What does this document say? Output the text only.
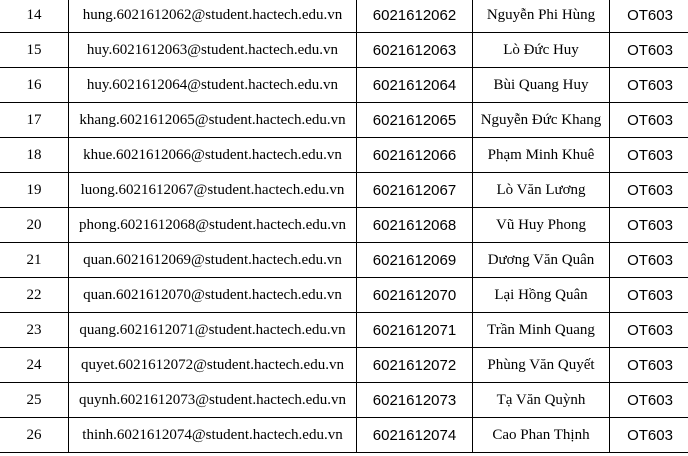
14	hung.6021612062@student.hactech.edu.vn	6021612062	Nguyễn Phi Hùng	OT603
15	huy.6021612063@student.hactech.edu.vn	6021612063	Lò Đức Huy	OT603
16	huy.6021612064@student.hactech.edu.vn	6021612064	Bùi Quang Huy	OT603
17	khang.6021612065@student.hactech.edu.vn	6021612065	Nguyễn Đức Khang	OT603
18	khue.6021612066@student.hactech.edu.vn	6021612066	Phạm Minh Khuê	OT603
19	luong.6021612067@student.hactech.edu.vn	6021612067	Lò Văn Lương	OT603
20	phong.6021612068@student.hactech.edu.vn	6021612068	Vũ Huy Phong	OT603
21	quan.6021612069@student.hactech.edu.vn	6021612069	Dương Văn Quân	OT603
22	quan.6021612070@student.hactech.edu.vn	6021612070	Lại Hồng Quân	OT603
23	quang.6021612071@student.hactech.edu.vn	6021612071	Trần Minh Quang	OT603
24	quyet.6021612072@student.hactech.edu.vn	6021612072	Phùng Văn Quyết	OT603
25	quynh.6021612073@student.hactech.edu.vn	6021612073	Tạ Văn Quỳnh	OT603
26	thinh.6021612074@student.hactech.edu.vn	6021612074	Cao Phan Thịnh	OT603
